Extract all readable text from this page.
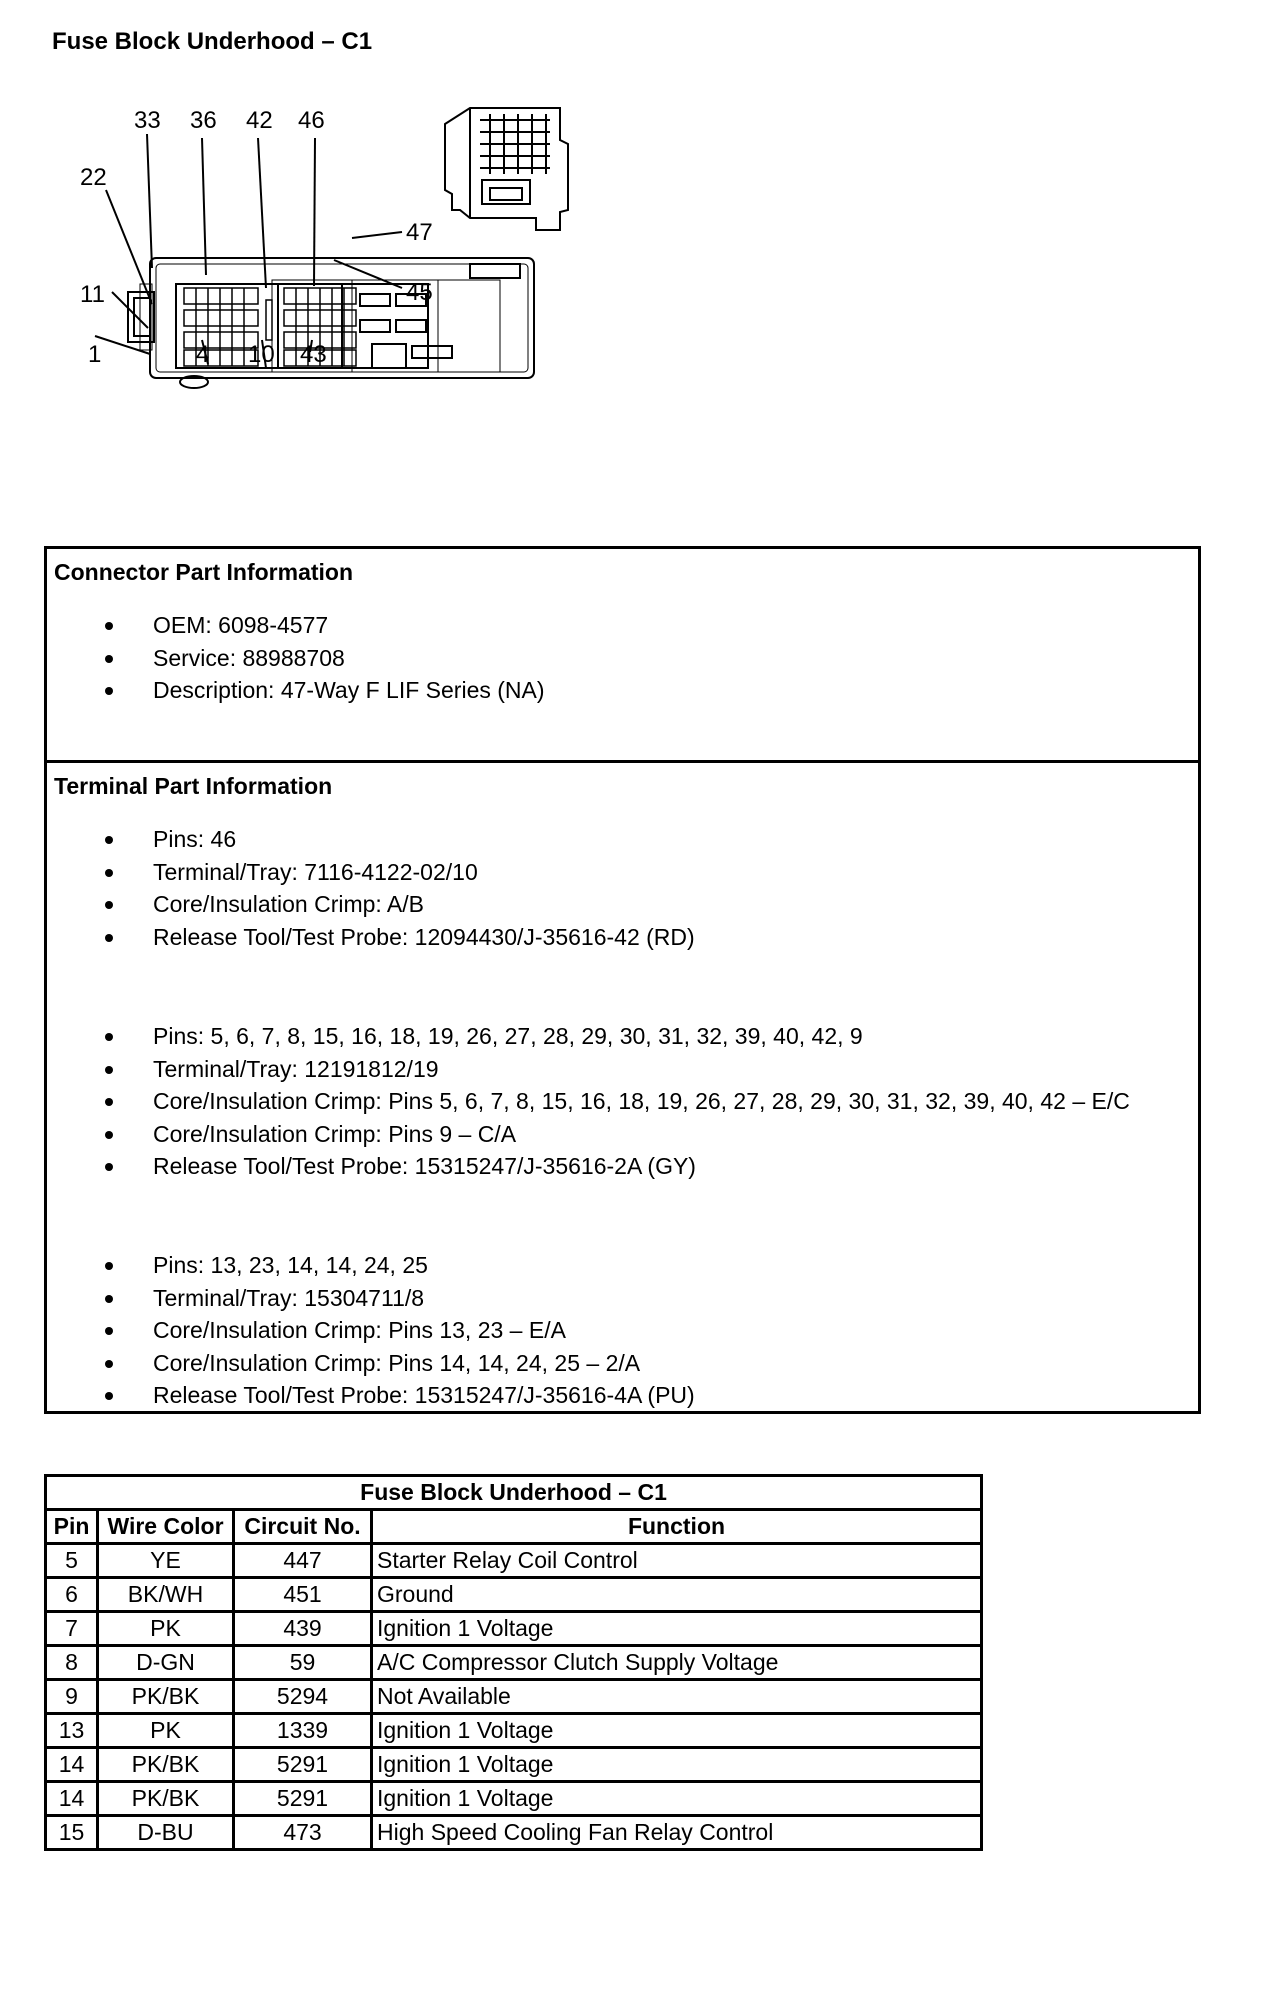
Fuse Block Underhood – C1
33 36 42 46
22
11
1	4 10 43
47
45
Connector Part Information
OEM: 6098-4577
Service: 88988708
Description: 47-Way F LIF Series (NA)
Terminal Part Information
Pins: 46
Terminal/Tray: 7116-4122-02/10
Core/Insulation Crimp: A/B
Release Tool/Test Probe: 12094430/J-35616-42 (RD)
Pins: 5, 6, 7, 8, 15, 16, 18, 19, 26, 27, 28, 29, 30, 31, 32, 39, 40, 42, 9
Terminal/Tray: 12191812/19
Core/Insulation Crimp: Pins 5, 6, 7, 8, 15, 16, 18, 19, 26, 27, 28, 29, 30, 31, 32, 39, 40, 42 – E/C
Core/Insulation Crimp: Pins 9 – C/A
Release Tool/Test Probe: 15315247/J-35616-2A (GY)
Pins: 13, 23, 14, 14, 24, 25
Terminal/Tray: 15304711/8
Core/Insulation Crimp: Pins 13, 23 – E/A
Core/Insulation Crimp: Pins 14, 14, 24, 25 – 2/A
Release Tool/Test Probe: 15315247/J-35616-4A (PU)
Fuse Block Underhood – C1			
Pin	Wire Color	Circuit No.	Function
5	YE	447	Starter Relay Coil Control
6	BK/WH	451	Ground
7	PK	439	Ignition 1 Voltage
8	D-GN	59	A/C Compressor Clutch Supply Voltage
9	PK/BK	5294	Not Available
13	PK	1339	Ignition 1 Voltage
14	PK/BK	5291	Ignition 1 Voltage
14	PK/BK	5291	Ignition 1 Voltage
15	D-BU	473	High Speed Cooling Fan Relay Control
